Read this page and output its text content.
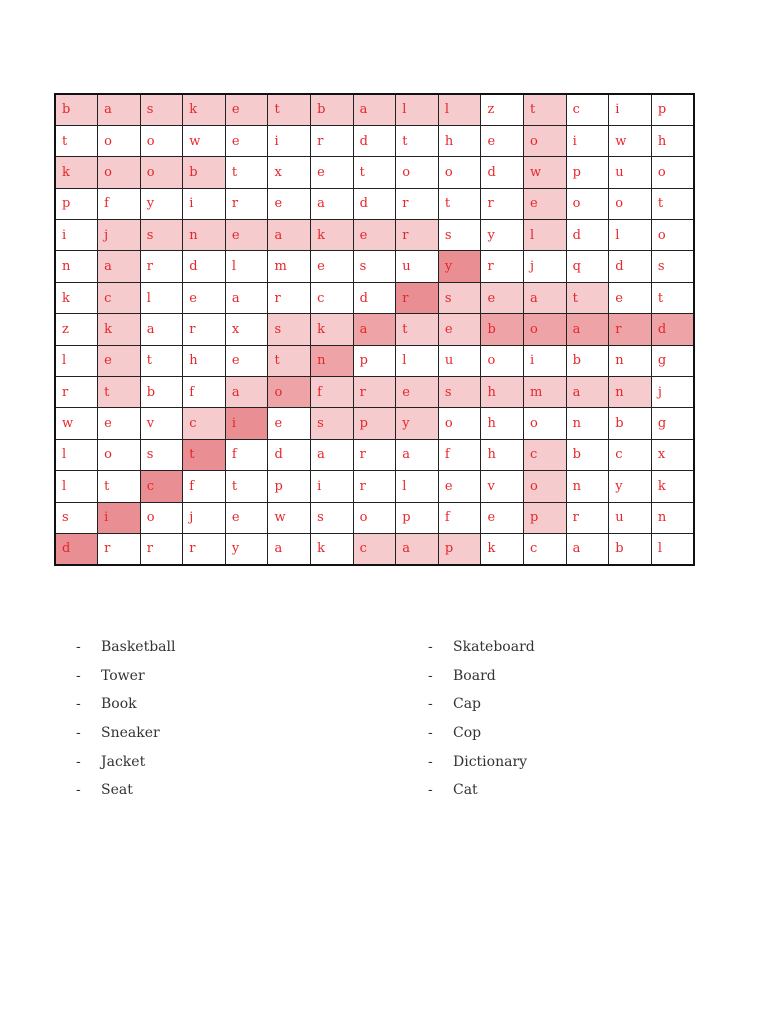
b	a	s	k	e	t	b	a	l	l	z	t	c	i	p
t	o	o	w	e	i	r	d	t	h	e	o	i	w	h
k	o	o	b	t	x	e	t	o	o	d	w	p	u	o
p	f	y	i	r	e	a	d	r	t	r	e	o	o	t
i	j	s	n	e	a	k	e	r	s	y	l	d	l	o
n	a	r	d	l	m	e	s	u	y	r	j	q	d	s
k	c	l	e	a	r	c	d	r	s	e	a	t	e	t
z	k	a	r	x	s	k	a	t	e	b	o	a	r	d
l	e	t	h	e	t	n	p	l	u	o	i	b	n	g
r	t	b	f	a	o	f	r	e	s	h	m	a	n	j
w	e	v	c	i	e	s	p	y	o	h	o	n	b	g
l	o	s	t	f	d	a	r	a	f	h	c	b	c	x
l	t	c	f	t	p	i	r	l	e	v	o	n	y	k
s	i	o	j	e	w	s	o	p	f	e	p	r	u	n
d	r	r	r	y	a	k	c	a	p	k	c	a	b	l
- Basketball
- Tower
- Book
- Sneaker
- Jacket
- Seat
- Skateboard
- Board
- Cap
- Cop
- Dictionary
- Cat
